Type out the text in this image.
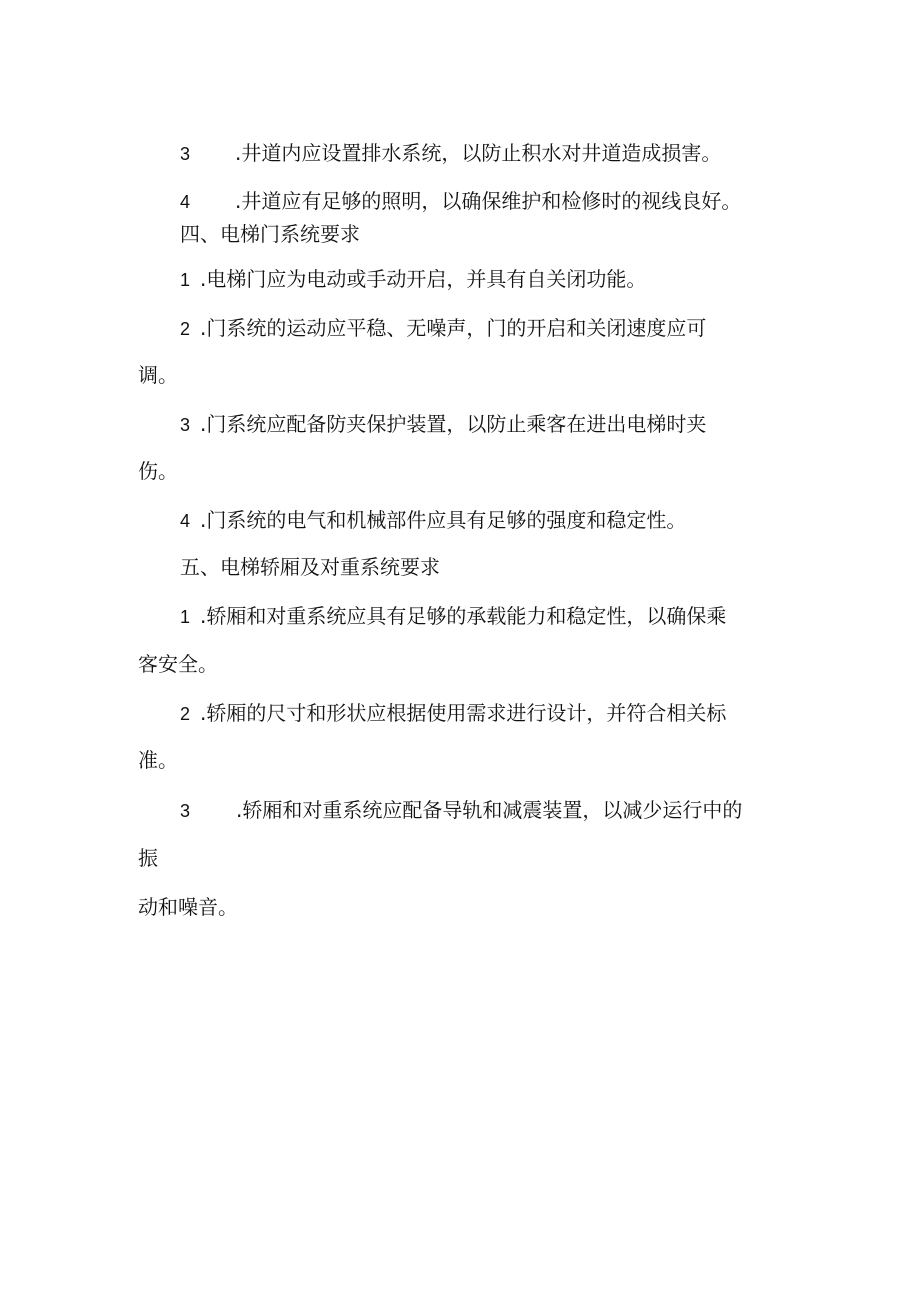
3 .井道内应设置排水系统，以防止积水对井道造成损害。
4 .井道应有足够的照明，以确保维护和检修时的视线良好。
四、电梯门系统要求
1 .电梯门应为电动或手动开启，并具有自关闭功能。
2 .门系统的运动应平稳、无噪声，门的开启和关闭速度应可
调。
3 .门系统应配备防夹保护装置，以防止乘客在进出电梯时夹
伤。
4 .门系统的电气和机械部件应具有足够的强度和稳定性。
五、电梯轿厢及对重系统要求
1 .轿厢和对重系统应具有足够的承载能力和稳定性，以确保乘
客安全。
2 .轿厢的尺寸和形状应根据使用需求进行设计，并符合相关标
准。
3 .轿厢和对重系统应配备导轨和减震装置，以减少运行中的
振
动和噪音。
